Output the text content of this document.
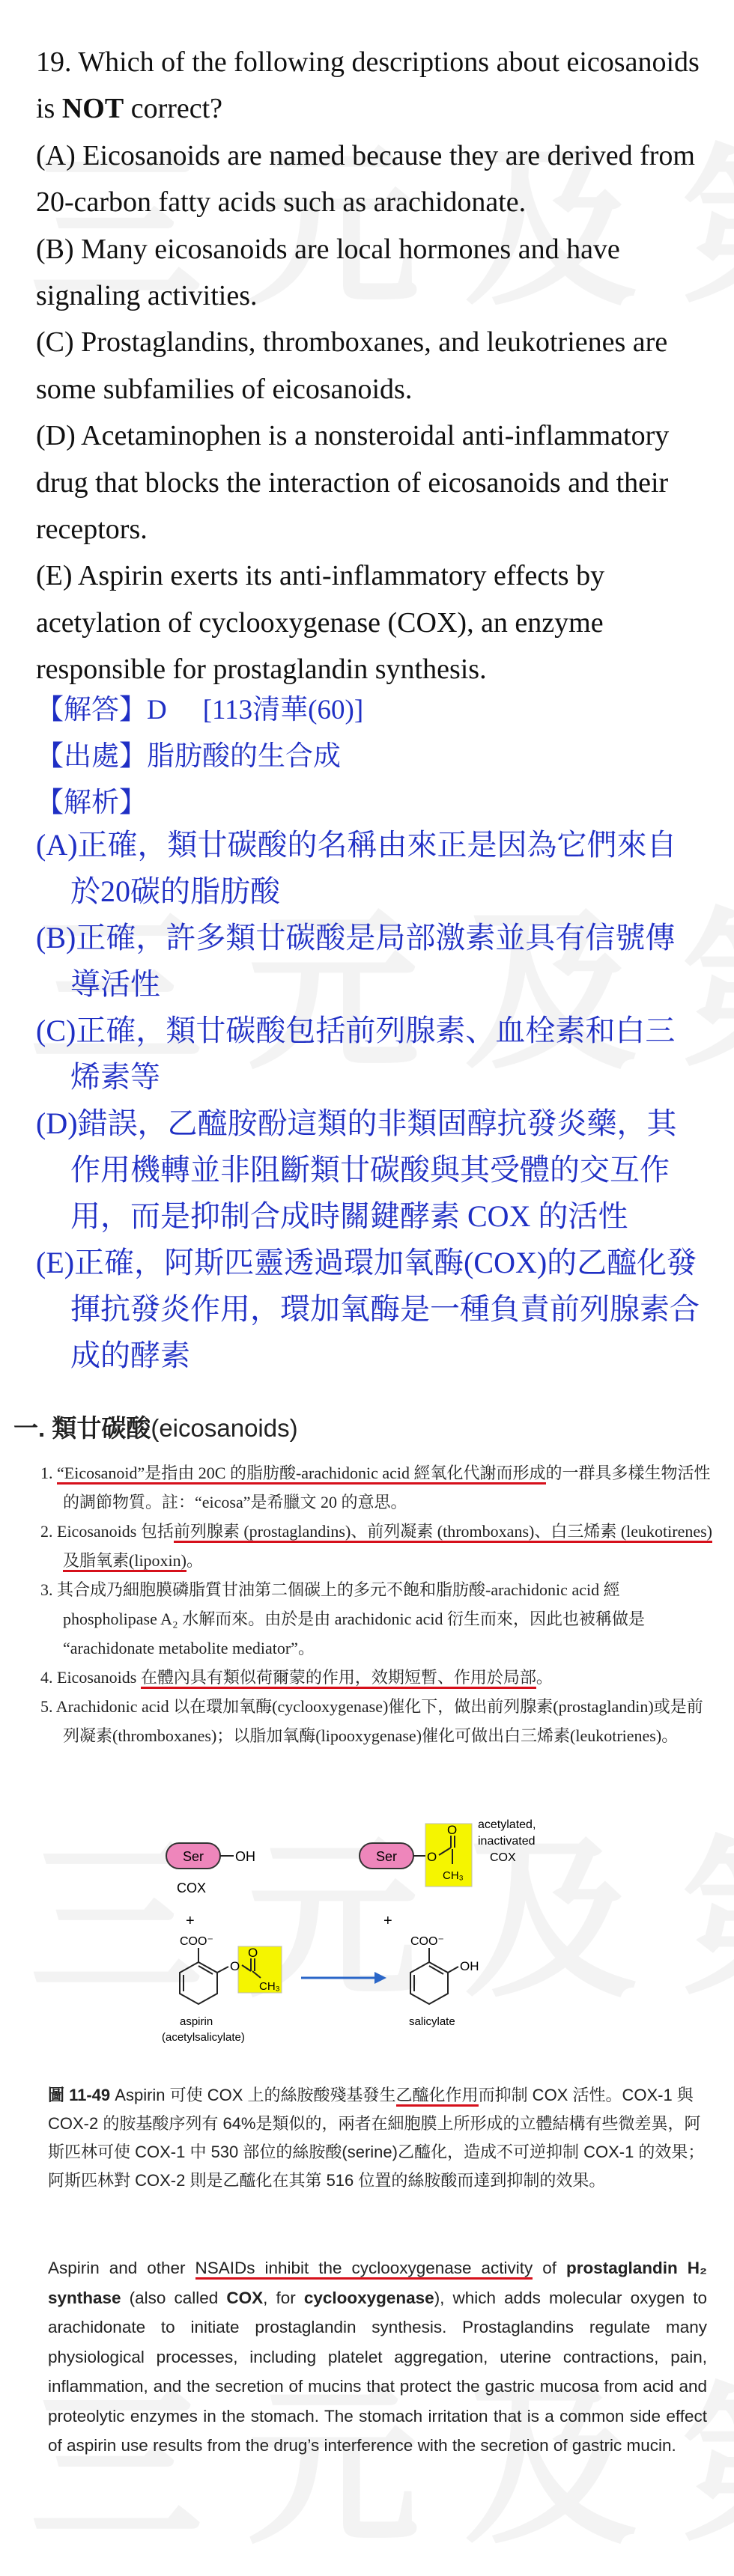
19. Which of the following descriptions about eicosanoids is NOT correct?

(A) Eicosanoids are named because they are derived from 20-carbon fatty acids such as arachidonate.

(B) Many eicosanoids are local hormones and have signaling activities.

(C) Prostaglandins, thromboxanes, and leukotrienes are some subfamilies of eicosanoids.

(D) Acetaminophen is a nonsteroidal anti-inflammatory drug that blocks the interaction of eicosanoids and their receptors.

(E) Aspirin exerts its anti-inflammatory effects by acetylation of cyclooxygenase (COX), an enzyme responsible for prostaglandin synthesis.

【解答】D [113清華(60)]

【出處】脂肪酸的生合成

【解析】

(A)正確，類廿碳酸的名稱由來正是因為它們來自於20碳的脂肪酸

(B)正確，許多類廿碳酸是局部激素並具有信號傳導活性

(C)正確，類廿碳酸包括前列腺素、血栓素和白三烯素等

(D)錯誤，乙醯胺酚這類的非類固醇抗發炎藥，其作用機轉並非阻斷類廿碳酸與其受體的交互作用，而是抑制合成時關鍵酵素 COX 的活性

(E)正確，阿斯匹靈透過環加氧酶(COX)的乙醯化發揮抗發炎作用，環加氧酶是一種負責前列腺素合成的酵素

一. 類廿碳酸(eicosanoids)
1. “Eicosanoid”是指由 20C 的脂肪酸-arachidonic acid 經氧化代謝而形成的一群具多樣生物活性的調節物質。註：“eicosa”是希臘文 20 的意思。
2. Eicosanoids 包括前列腺素 (prostaglandins)、前列凝素 (thromboxans)、白三烯素 (leukotirenes)及脂氧素(lipoxin)。
3. 其合成乃細胞膜磷脂質甘油第二個碳上的多元不飽和脂肪酸-arachidonic acid 經 phospholipase A₂ 水解而來。由於是由 arachidonic acid 衍生而來，因此也被稱做是 “arachidonate metabolite mediator”。
4. Eicosanoids 在體內具有類似荷爾蒙的作用，效期短暫、作用於局部。
5. Arachidonic acid 以在環加氧酶(cyclooxygenase)催化下，做出前列腺素(prostaglandin)或是前列凝素(thromboxanes)；以脂加氧酶(lipooxygenase)催化可做出白三烯素(leukotrienes)。
Ser OH
COX
+
COO⁻
O
O
CH₃
aspirin
(acetylsalicylate)
Ser O
O
CH₃
acetylated,
inactivated
COX
+
COO⁻
OH
salicylate
圖 11-49 Aspirin 可使 COX 上的絲胺酸殘基發生乙醯化作用而抑制 COX 活性。COX-1 與 COX-2 的胺基酸序列有 64%是類似的，兩者在細胞膜上所形成的立體結構有些微差異，阿斯匹林可使 COX-1 中 530 部位的絲胺酸(serine)乙醯化，造成不可逆抑制 COX-1 的效果；阿斯匹林對 COX-2 則是乙醯化在其第 516 位置的絲胺酸而達到抑制的效果。
Aspirin and other NSAIDs inhibit the cyclooxygenase activity of prostaglandin H₂ synthase (also called COX, for cyclooxygenase), which adds molecular oxygen to arachidonate to initiate prostaglandin synthesis. Prostaglandins regulate many physiological processes, including platelet aggregation, uterine contractions, pain, inflammation, and the secretion of mucins that protect the gastric mucosa from acid and proteolytic enzymes in the stomach. The stomach irritation that is a common side effect of aspirin use results from the drug’s interference with the secretion of gastric mucin.
